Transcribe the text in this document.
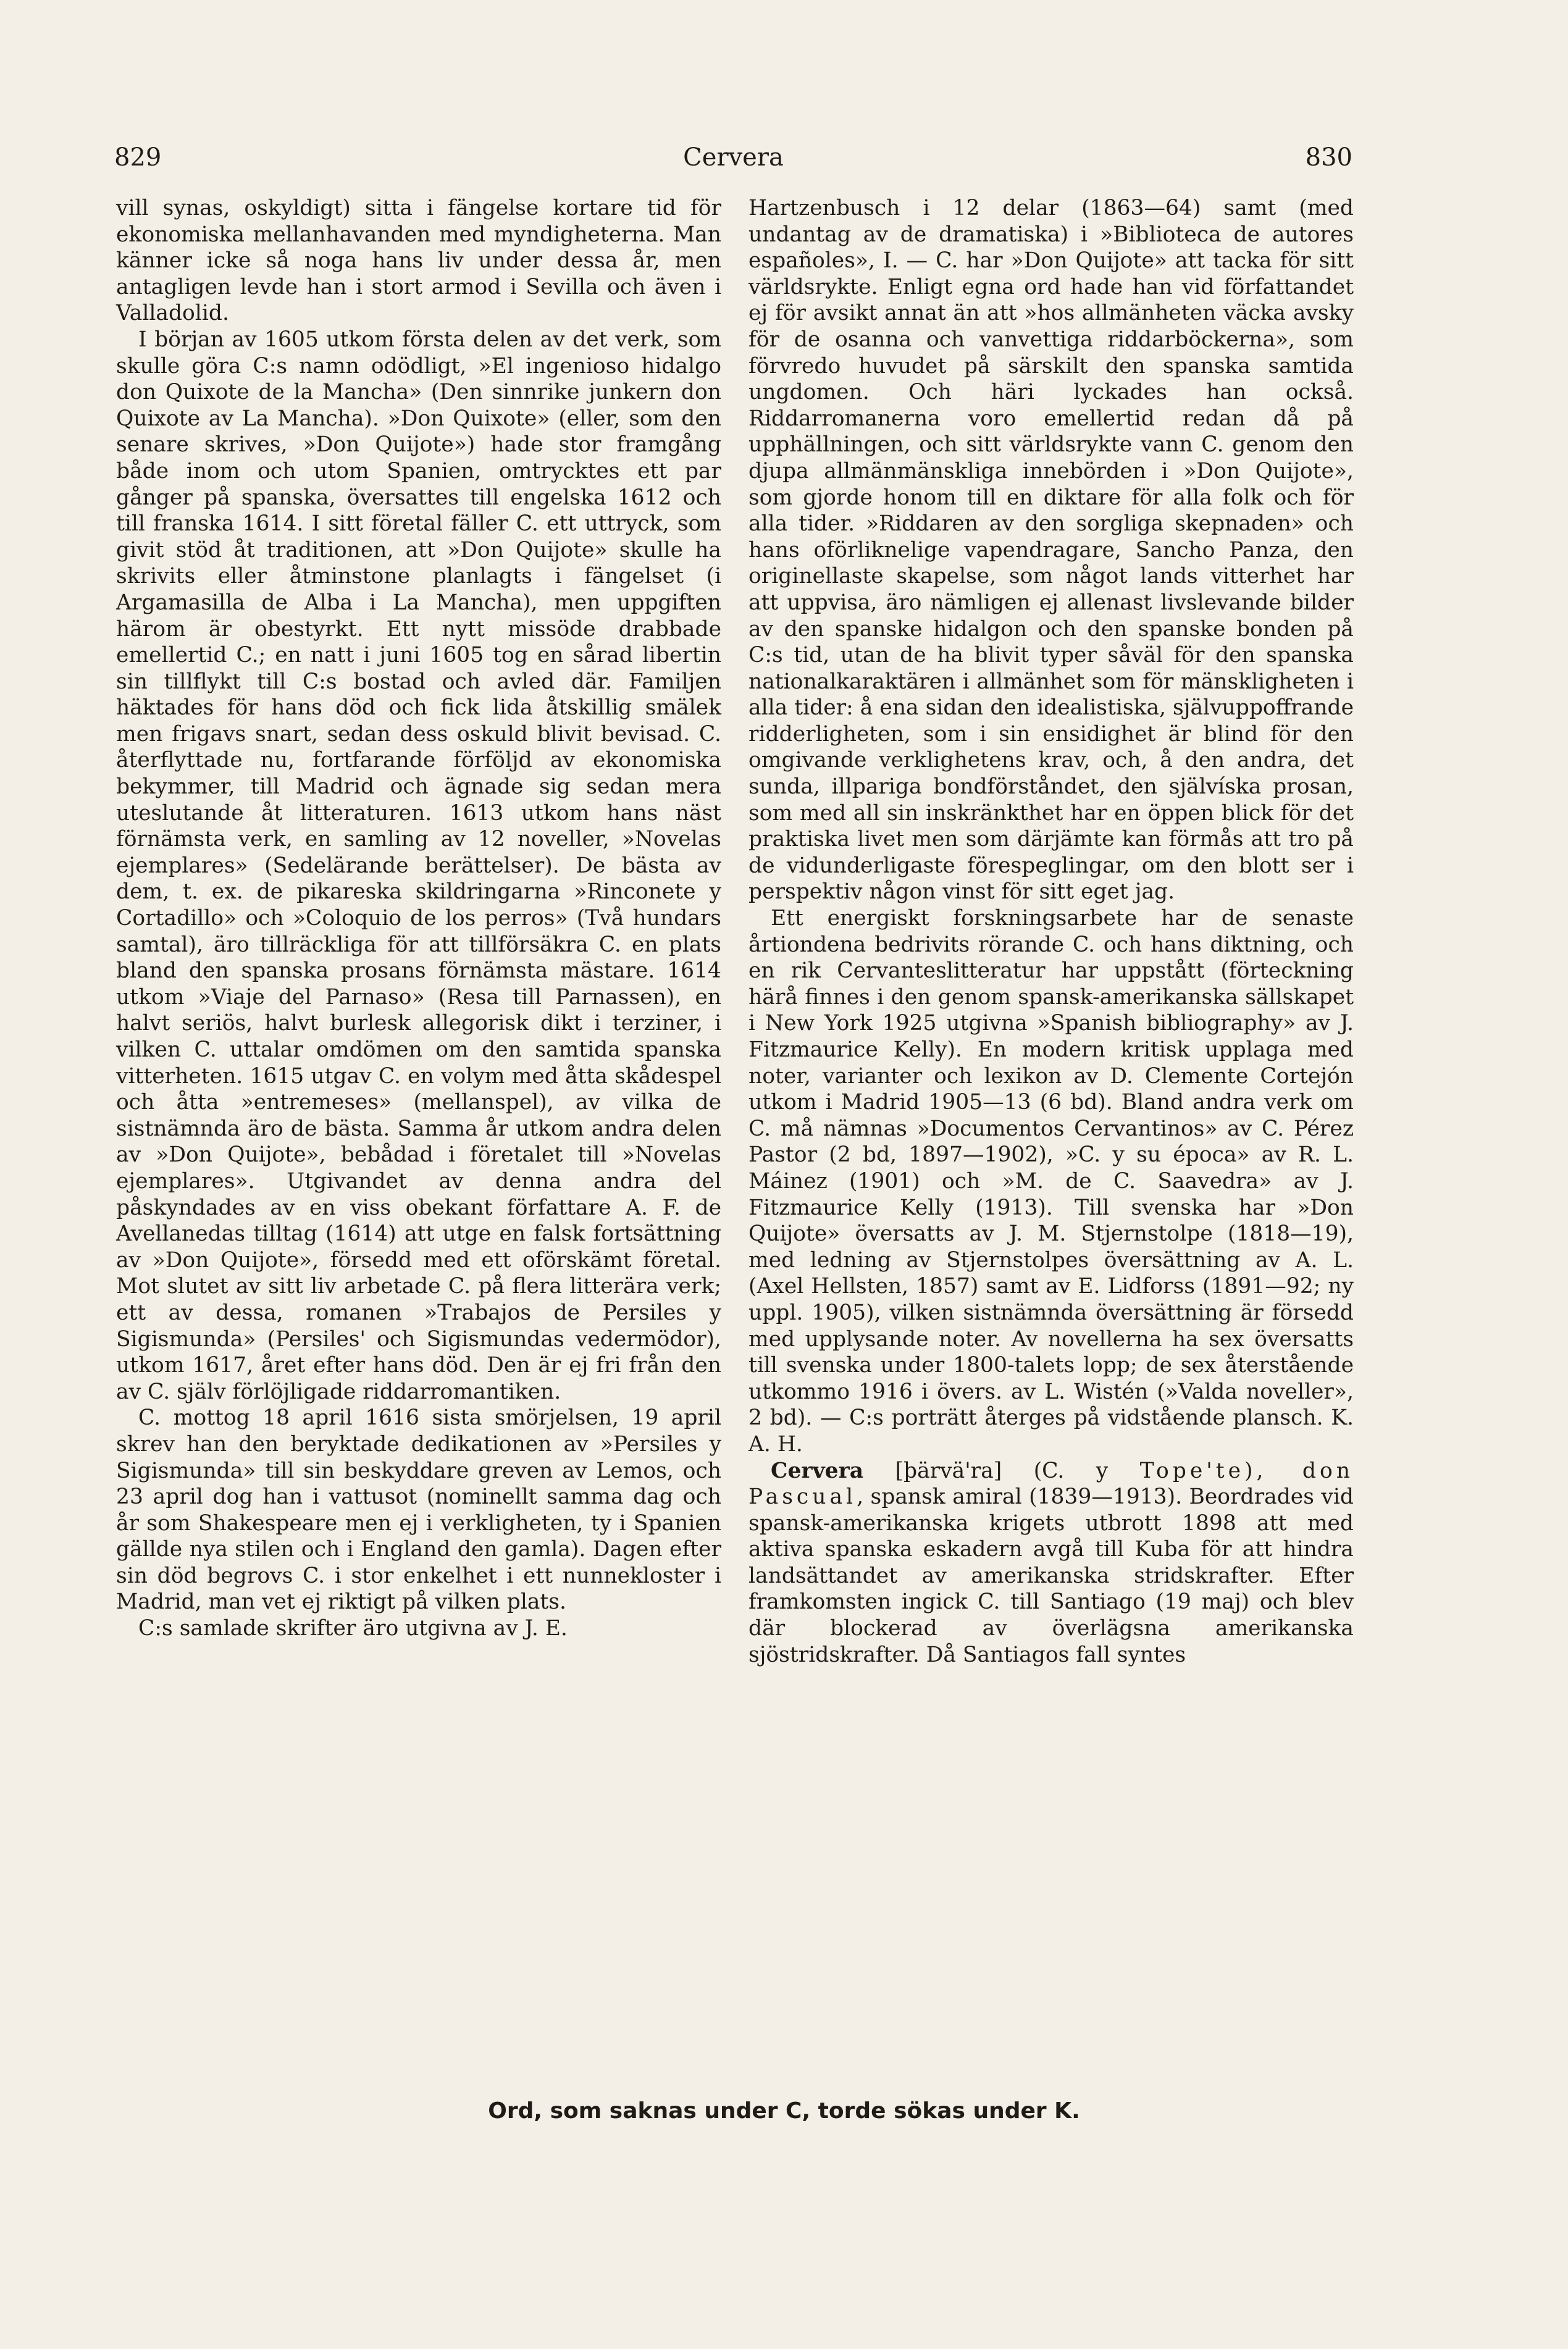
829	Cervera	830

vill synas, oskyldigt) sitta i fängelse kortare tid för ekonomiska mellanhavanden med myndigheterna. Man känner icke så noga hans liv under dessa år, men antagligen levde han i stort armod i Sevilla och även i Valladolid.

I början av 1605 utkom första delen av det verk, som skulle göra C:s namn odödligt, »El ingenioso hidalgo don Quixote de la Mancha» (Den sinnrike junkern don Quixote av La Mancha). »Don Quixote» (eller, som den senare skrives, »Don Quijote») hade stor framgång både inom och utom Spanien, omtrycktes ett par gånger på spanska, översattes till engelska 1612 och till franska 1614. I sitt företal fäller C. ett uttryck, som givit stöd åt traditionen, att »Don Quijote» skulle ha skrivits eller åtminstone planlagts i fängelset (i Argamasilla de Alba i La Mancha), men uppgiften härom är obestyrkt. Ett nytt missöde drabbade emellertid C.; en natt i juni 1605 tog en sårad libertin sin tillflykt till C:s bostad och avled där. Familjen häktades för hans död och fick lida åtskillig smälek men frigavs snart, sedan dess oskuld blivit bevisad. C. återflyttade nu, fortfarande förföljd av ekonomiska bekymmer, till Madrid och ägnade sig sedan mera uteslutande åt litteraturen. 1613 utkom hans näst förnämsta verk, en samling av 12 noveller, »Novelas ejemplares» (Sedelärande berättelser). De bästa av dem, t. ex. de pikareska skildringarna »Rinconete y Cortadillo» och »Coloquio de los perros» (Två hundars samtal), äro tillräckliga för att tillförsäkra C. en plats bland den spanska prosans förnämsta mästare. 1614 utkom »Viaje del Parnaso» (Resa till Parnassen), en halvt seriös, halvt burlesk allegorisk dikt i terziner, i vilken C. uttalar omdömen om den samtida spanska vitterheten. 1615 utgav C. en volym med åtta skådespel och åtta »entremeses» (mellanspel), av vilka de sistnämnda äro de bästa. Samma år utkom andra delen av »Don Quijote», bebådad i företalet till »Novelas ejemplares». Utgivandet av denna andra del påskyndades av en viss obekant författare A. F. de Avellanedas tilltag (1614) att utge en falsk fortsättning av »Don Quijote», försedd med ett oförskämt företal. Mot slutet av sitt liv arbetade C. på flera litterära verk; ett av dessa, romanen »Trabajos de Persiles y Sigismunda» (Persiles' och Sigismundas vedermödor), utkom 1617, året efter hans död. Den är ej fri från den av C. själv förlöjligade riddarromantiken.

C. mottog 18 april 1616 sista smörjelsen, 19 april skrev han den beryktade dedikationen av »Persiles y Sigismunda» till sin beskyddare greven av Lemos, och 23 april dog han i vattusot (nominellt samma dag och år som Shakespeare men ej i verkligheten, ty i Spanien gällde nya stilen och i England den gamla). Dagen efter sin död begrovs C. i stor enkelhet i ett nunnekloster i Madrid, man vet ej riktigt på vilken plats.

C:s samlade skrifter äro utgivna av J. E.

Hartzenbusch i 12 delar (1863—64) samt (med undantag av de dramatiska) i »Biblioteca de autores españoles», I. — C. har »Don Quijote» att tacka för sitt världsrykte. Enligt egna ord hade han vid författandet ej för avsikt annat än att »hos allmänheten väcka avsky för de osanna och vanvettiga riddarböckerna», som förvredo huvudet på särskilt den spanska samtida ungdomen. Och häri lyckades han också. Riddarromanerna voro emellertid redan då på upphällningen, och sitt världsrykte vann C. genom den djupa allmänmänskliga innebörden i »Don Quijote», som gjorde honom till en diktare för alla folk och för alla tider. »Riddaren av den sorgliga skepnaden» och hans oförliknelige vapendragare, Sancho Panza, den originellaste skapelse, som något lands vitterhet har att uppvisa, äro nämligen ej allenast livslevande bilder av den spanske hidalgon och den spanske bonden på C:s tid, utan de ha blivit typer såväl för den spanska nationalkaraktären i allmänhet som för mänskligheten i alla tider: å ena sidan den idealistiska, självuppoffrande ridderligheten, som i sin ensidighet är blind för den omgivande verklighetens krav, och, å den andra, det sunda, illpariga bondförståndet, den självíska prosan, som med all sin inskränkthet har en öppen blick för det praktiska livet men som därjämte kan förmås att tro på de vidunderligaste förespeglingar, om den blott ser i perspektiv någon vinst för sitt eget jag.

Ett energiskt forskningsarbete har de senaste årtiondena bedrivits rörande C. och hans diktning, och en rik Cervanteslitteratur har uppstått (förteckning härå finnes i den genom spansk-amerikanska sällskapet i New York 1925 utgivna »Spanish bibliography» av J. Fitzmaurice Kelly). En modern kritisk upplaga med noter, varianter och lexikon av D. Clemente Cortejón utkom i Madrid 1905—13 (6 bd). Bland andra verk om C. må nämnas »Documentos Cervantinos» av C. Pérez Pastor (2 bd, 1897—1902), »C. y su época» av R. L. Máinez (1901) och »M. de C. Saavedra» av J. Fitzmaurice Kelly (1913). Till svenska har »Don Quijote» översatts av J. M. Stjernstolpe (1818—19), med ledning av Stjernstolpes översättning av A. L. (Axel Hellsten, 1857) samt av E. Lidforss (1891—92; ny uppl. 1905), vilken sistnämnda översättning är försedd med upplysande noter. Av novellerna ha sex översatts till svenska under 1800-talets lopp; de sex återstående utkommo 1916 i övers. av L. Wistén (»Valda noveller», 2 bd). — C:s porträtt återges på vidstående plansch. K. A. H.

Cervera [þärvä'ra] (C. y Tope'te), don Pascual, spansk amiral (1839—1913). Beordrades vid spansk-amerikanska krigets utbrott 1898 att med aktiva spanska eskadern avgå till Kuba för att hindra landsättandet av amerikanska stridskrafter. Efter framkomsten ingick C. till Santiago (19 maj) och blev där blockerad av överlägsna amerikanska sjöstridskrafter. Då Santiagos fall syntes

Ord, som saknas under C, torde sökas under K.
